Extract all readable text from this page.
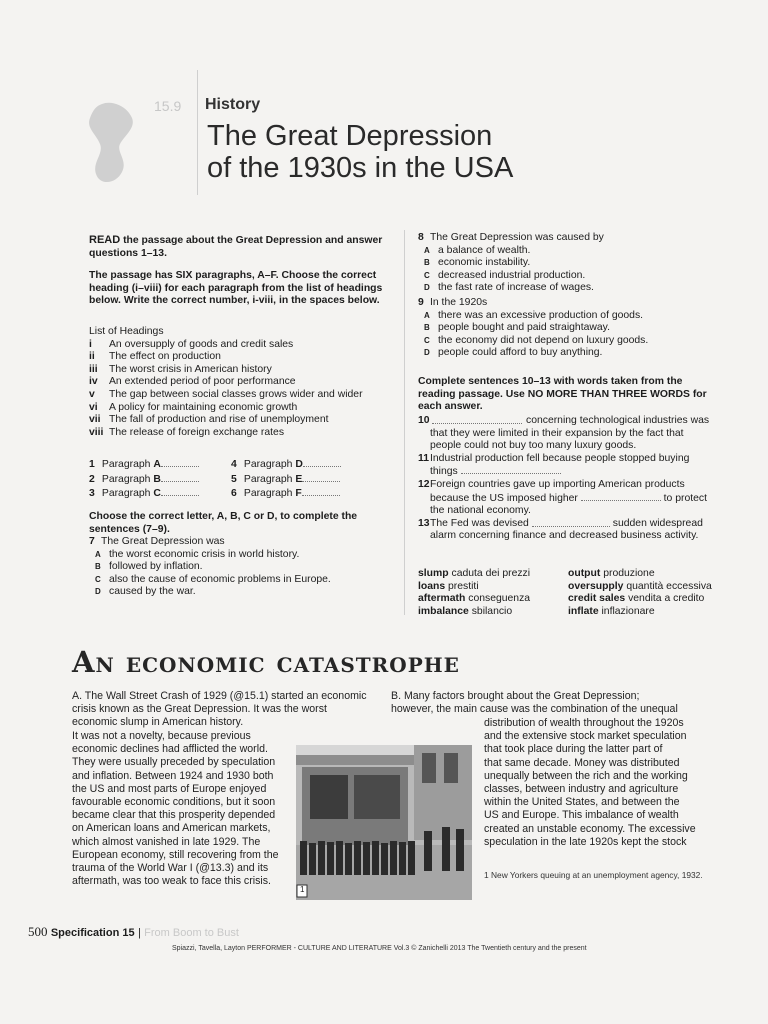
15.9 History
The Great Depression
of the 1930s in the USA

READ the passage about the Great Depression and answer questions 1–13.

The passage has SIX paragraphs, A–F. Choose the correct heading (i–viii) for each paragraph from the list of headings below. Write the correct number, i-viii, in the spaces below.

List of Headings
i	An oversupply of goods and credit sales
ii	The effect on production
iii	The worst crisis in American history
iv	An extended period of poor performance
v	The gap between social classes grows wider and wider
vi	A policy for maintaining economic growth
vii The fall of production and rise of unemployment
viii The release of foreign exchange rates
1 Paragraph A	4 Paragraph D
2 Paragraph B	5 Paragraph E
3 Paragraph C	6 Paragraph F
Choose the correct letter, A, B, C or D, to complete the sentences (7–9).
7 The Great Depression was
A the worst economic crisis in world history.
B followed by inflation.
C also the cause of economic problems in Europe.
D caused by the war.
8 The Great Depression was caused by
A a balance of wealth.
B economic instability.
C decreased industrial production.
D the fast rate of increase of wages.
9 In the 1920s
A there was an excessive production of goods.
B people bought and paid straightaway.
C the economy did not depend on luxury goods.
D people could afford to buy anything.
Complete sentences 10–13 with words taken from the reading passage. Use NO MORE THAN THREE WORDS for each answer.
10	concerning technological industries was
that they were limited in their expansion by the fact that
people could not buy too many luxury goods.
11 Industrial production fell because people stopped buying
things
12 Foreign countries gave up importing American products
because the US imposed higher	to protect
the national economy.
13 The Fed was devised	sudden widespread
alarm concerning finance and decreased business activity.
slump caduta dei prezzi	output produzione
loans prestiti	oversupply quantità eccessiva
aftermath conseguenza	credit sales vendita a credito
imbalance sbilancio	inflate inflazionare
An economic catastrophe
A. The Wall Street Crash of 1929 (@15.1) started an economic
crisis known as the Great Depression. It was the worst
economic slump in American history.
It was not a novelty, because previous
economic declines had afflicted the world.
They were usually preceded by speculation
and inflation. Between 1924 and 1930 both
the US and most parts of Europe enjoyed
favourable economic conditions, but it soon
became clear that this prosperity depended
on American loans and American markets,
which almost vanished in late 1929. The
European economy, still recovering from the
trauma of the World War I (@13.3) and its
aftermath, was too weak to face this crisis.
B. Many factors brought about the Great Depression;
however, the main cause was the combination of the unequal
distribution of wealth throughout the 1920s
and the extensive stock market speculation
that took place during the latter part of
that same decade. Money was distributed
unequally between the rich and the working
classes, between industry and agriculture
within the United States, and between the
US and Europe. This imbalance of wealth
created an unstable economy. The excessive
speculation in the late 1920s kept the stock
1
1 New Yorkers queuing at an unemployment agency, 1932.
500 Specification 15 | From Boom to Bust
Spiazzi, Tavella, Layton PERFORMER - CULTURE AND LITERATURE Vol.3 © Zanichelli 2013 The Twentieth century and the present
